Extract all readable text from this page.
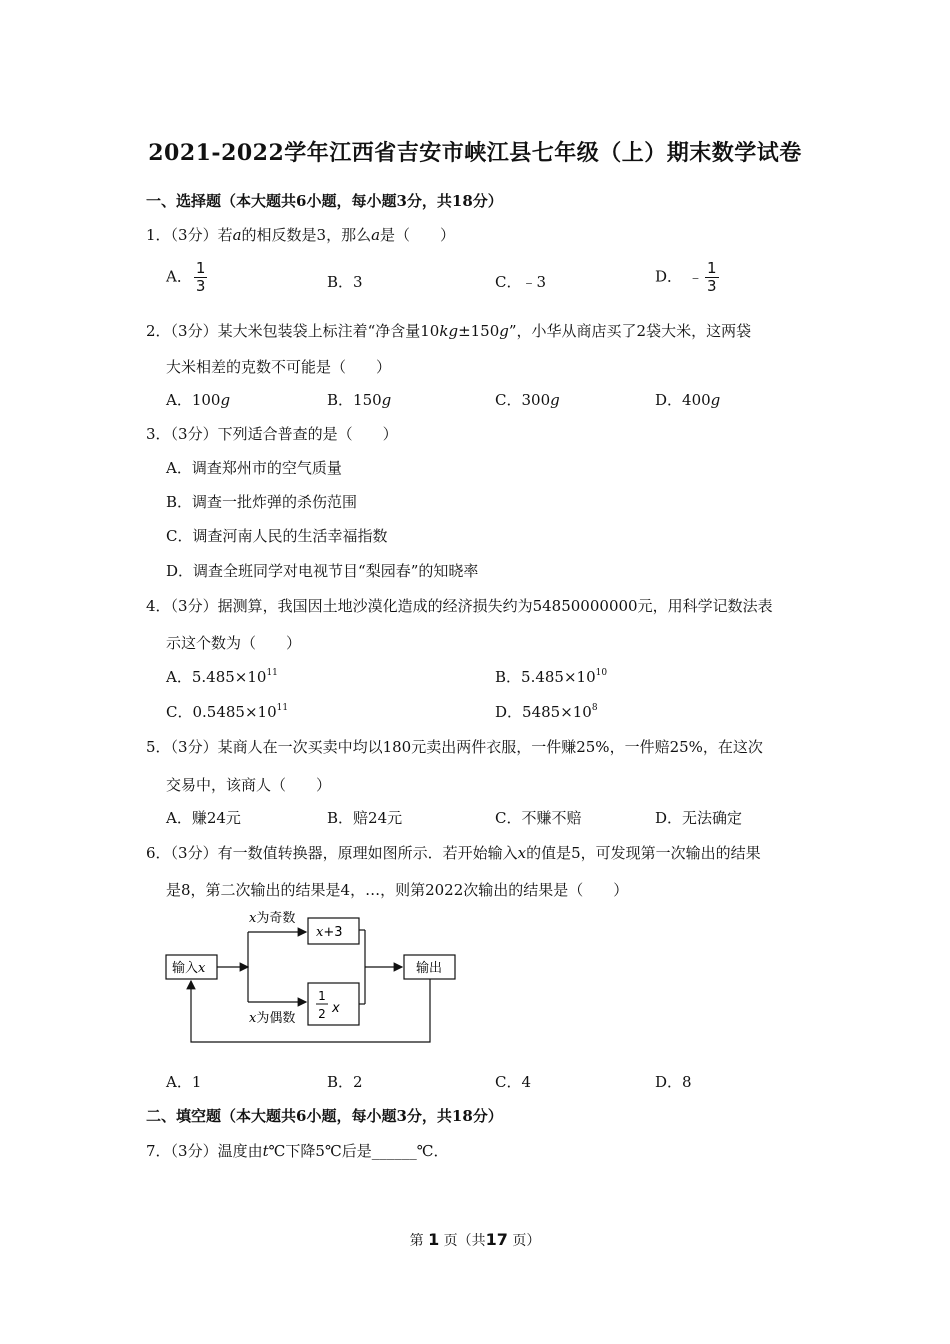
2021-2022学年江西省吉安市峡江县七年级（上）期末数学试卷
一、选择题（本大题共6小题，每小题3分，共18分）
1．（3分）若a的相反数是3，那么a是（　　）
A． $\frac{1}{3}$	B．3	C．﹣3	D． ﹣ $\frac{1}{3}$
2．（3分）某大米包装袋上标注着“净含量10kg±150g”，小华从商店买了2袋大米，这两袋
大米相差的克数不可能是（　　）
A．100g	B．150g	C．300g	D．400g
3．（3分）下列适合普查的是（　　）
A．调查郑州市的空气质量
B．调查一批炸弹的杀伤范围
C．调查河南人民的生活幸福指数
D．调查全班同学对电视节目“梨园春”的知晓率
4．（3分）据测算，我国因土地沙漠化造成的经济损失约为54850000000元，用科学记数法表
示这个数为（　　）
A．$5.485\times 10^{11}$	B．$5.485\times 10^{10}$
C．$0.5485\times 10^{11}$	D．$5485\times 10^8$
5．（3分）某商人在一次买卖中均以180元卖出两件衣服，一件赚25%，一件赔25%，在这次
交易中，该商人（　　）
A．赚24元	B．赔24元	C．不赚不赔	D．无法确定
6．（3分）有一数值转换器，原理如图所示．若开始输入x的值是5，可发现第一次输出的结果
是8，第二次输出的结果是4，…，则第2022次输出的结果是（　　）
输入x
x为奇数
x+3
x为偶数
1
2 x
输出
A．1	B．2	C．4	D．8
二、填空题（本大题共6小题，每小题3分，共18分）
7．（3分）温度由t℃下降5℃后是______℃．
第 1 页（共17 页）
